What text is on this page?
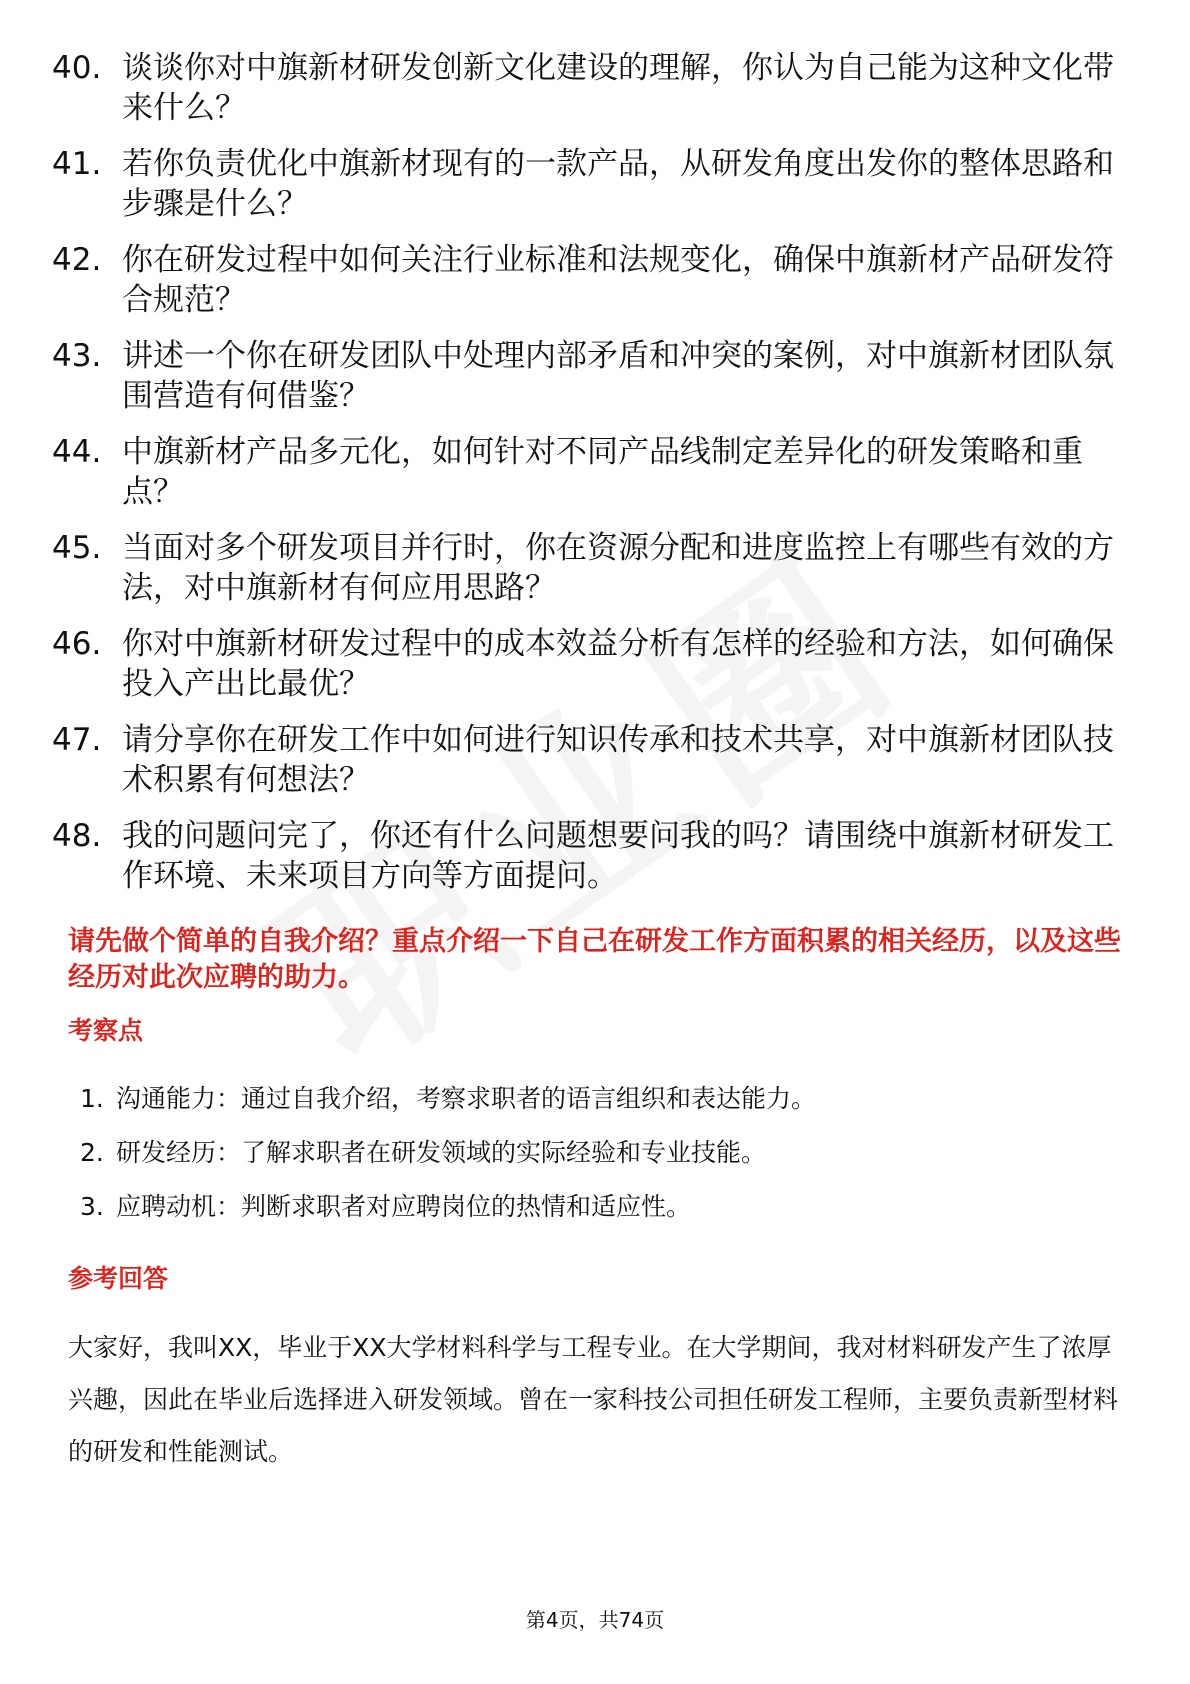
40. 谈谈你对中旗新材研发创新文化建设的理解，你认为自己能为这种文化带来什么？
41. 若你负责优化中旗新材现有的一款产品，从研发角度出发你的整体思路和步骤是什么？
42. 你在研发过程中如何关注行业标准和法规变化，确保中旗新材产品研发符合规范？
43. 讲述一个你在研发团队中处理内部矛盾和冲突的案例，对中旗新材团队氛围营造有何借鉴？
44. 中旗新材产品多元化，如何针对不同产品线制定差异化的研发策略和重点？
45. 当面对多个研发项目并行时，你在资源分配和进度监控上有哪些有效的方法，对中旗新材有何应用思路？
46. 你对中旗新材研发过程中的成本效益分析有怎样的经验和方法，如何确保投入产出比最优？
47. 请分享你在研发工作中如何进行知识传承和技术共享，对中旗新材团队技术积累有何想法？
48. 我的问题问完了，你还有什么问题想要问我的吗？请围绕中旗新材研发工作环境、未来项目方向等方面提问。

请先做个简单的自我介绍？重点介绍一下自己在研发工作方面积累的相关经历，以及这些经历对此次应聘的助力。

考察点
1. 沟通能力：通过自我介绍，考察求职者的语言组织和表达能力。
2. 研发经历：了解求职者在研发领域的实际经验和专业技能。
3. 应聘动机：判断求职者对应聘岗位的热情和适应性。
参考回答

大家好，我叫XX，毕业于XX大学材料科学与工程专业。在大学期间，我对材料研发产生了浓厚兴趣，因此在毕业后选择进入研发领域。曾在一家科技公司担任研发工程师，主要负责新型材料的研发和性能测试。

第4页，共74页
